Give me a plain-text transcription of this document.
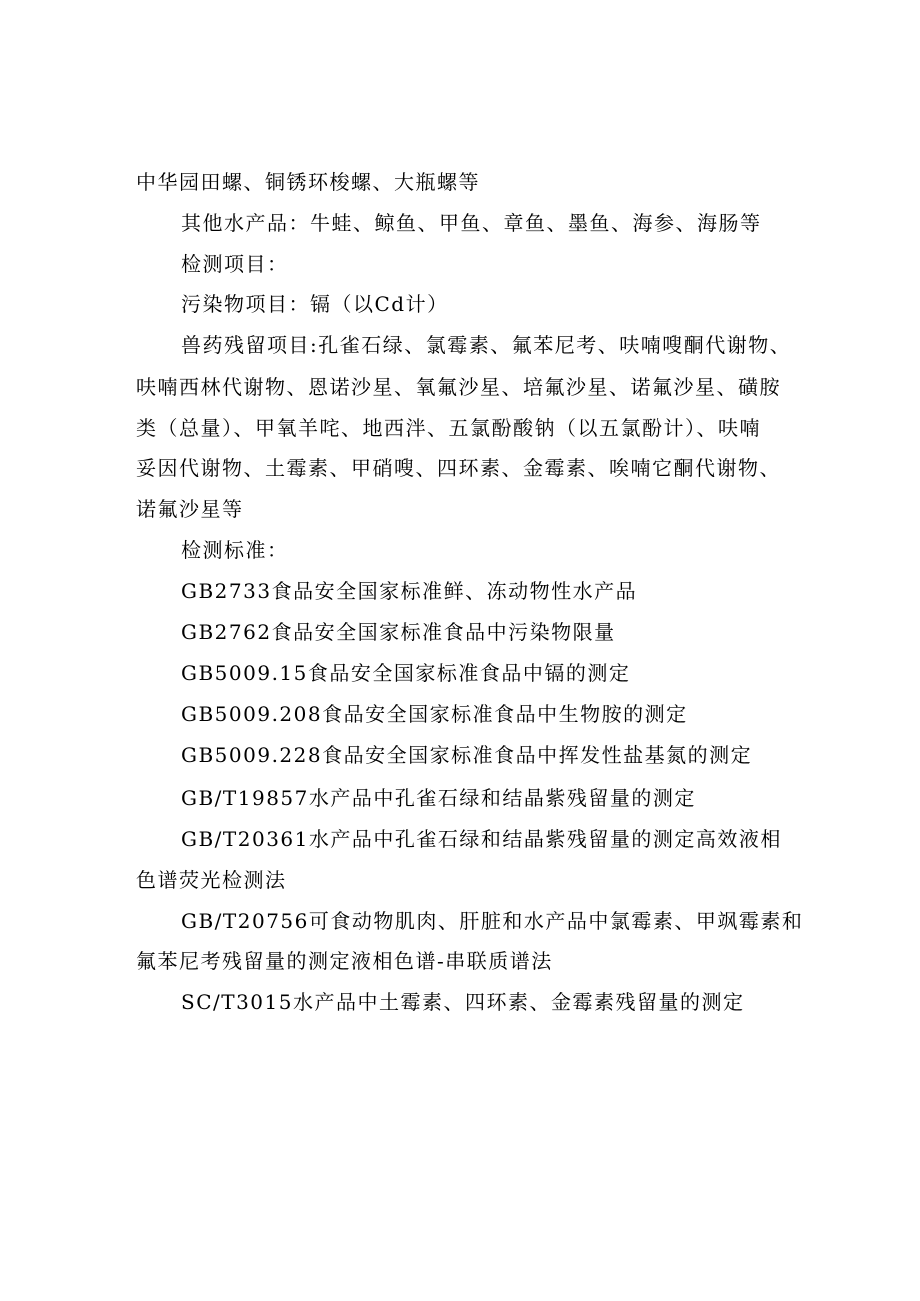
中华园田螺、铜锈环梭螺、大瓶螺等
其他水产品：牛蛙、鲸鱼、甲鱼、章鱼、墨鱼、海参、海肠等
检测项目：
污染物项目：镉（以Cd计）
兽药残留项目:孔雀石绿、氯霉素、氟苯尼考、呋喃嗖酮代谢物、
呋喃西林代谢物、恩诺沙星、氧氟沙星、培氟沙星、诺氟沙星、磺胺
类（总量）、甲氧羊咤、地西泮、五氯酚酸钠（以五氯酚计）、呋喃
妥因代谢物、土霉素、甲硝嗖、四环素、金霉素、唉喃它酮代谢物、
诺氟沙星等
检测标准：
GB2733食品安全国家标准鲜、冻动物性水产品
GB2762食品安全国家标准食品中污染物限量
GB5009.15食品安全国家标准食品中镉的测定
GB5009.208食品安全国家标准食品中生物胺的测定
GB5009.228食品安全国家标准食品中挥发性盐基氮的测定
GB/T19857水产品中孔雀石绿和结晶紫残留量的测定
GB/T20361水产品中孔雀石绿和结晶紫残留量的测定高效液相
色谱荧光检测法
GB/T20756可食动物肌肉、肝脏和水产品中氯霉素、甲飒霉素和
氟苯尼考残留量的测定液相色谱-串联质谱法
SC/T3015水产品中土霉素、四环素、金霉素残留量的测定
